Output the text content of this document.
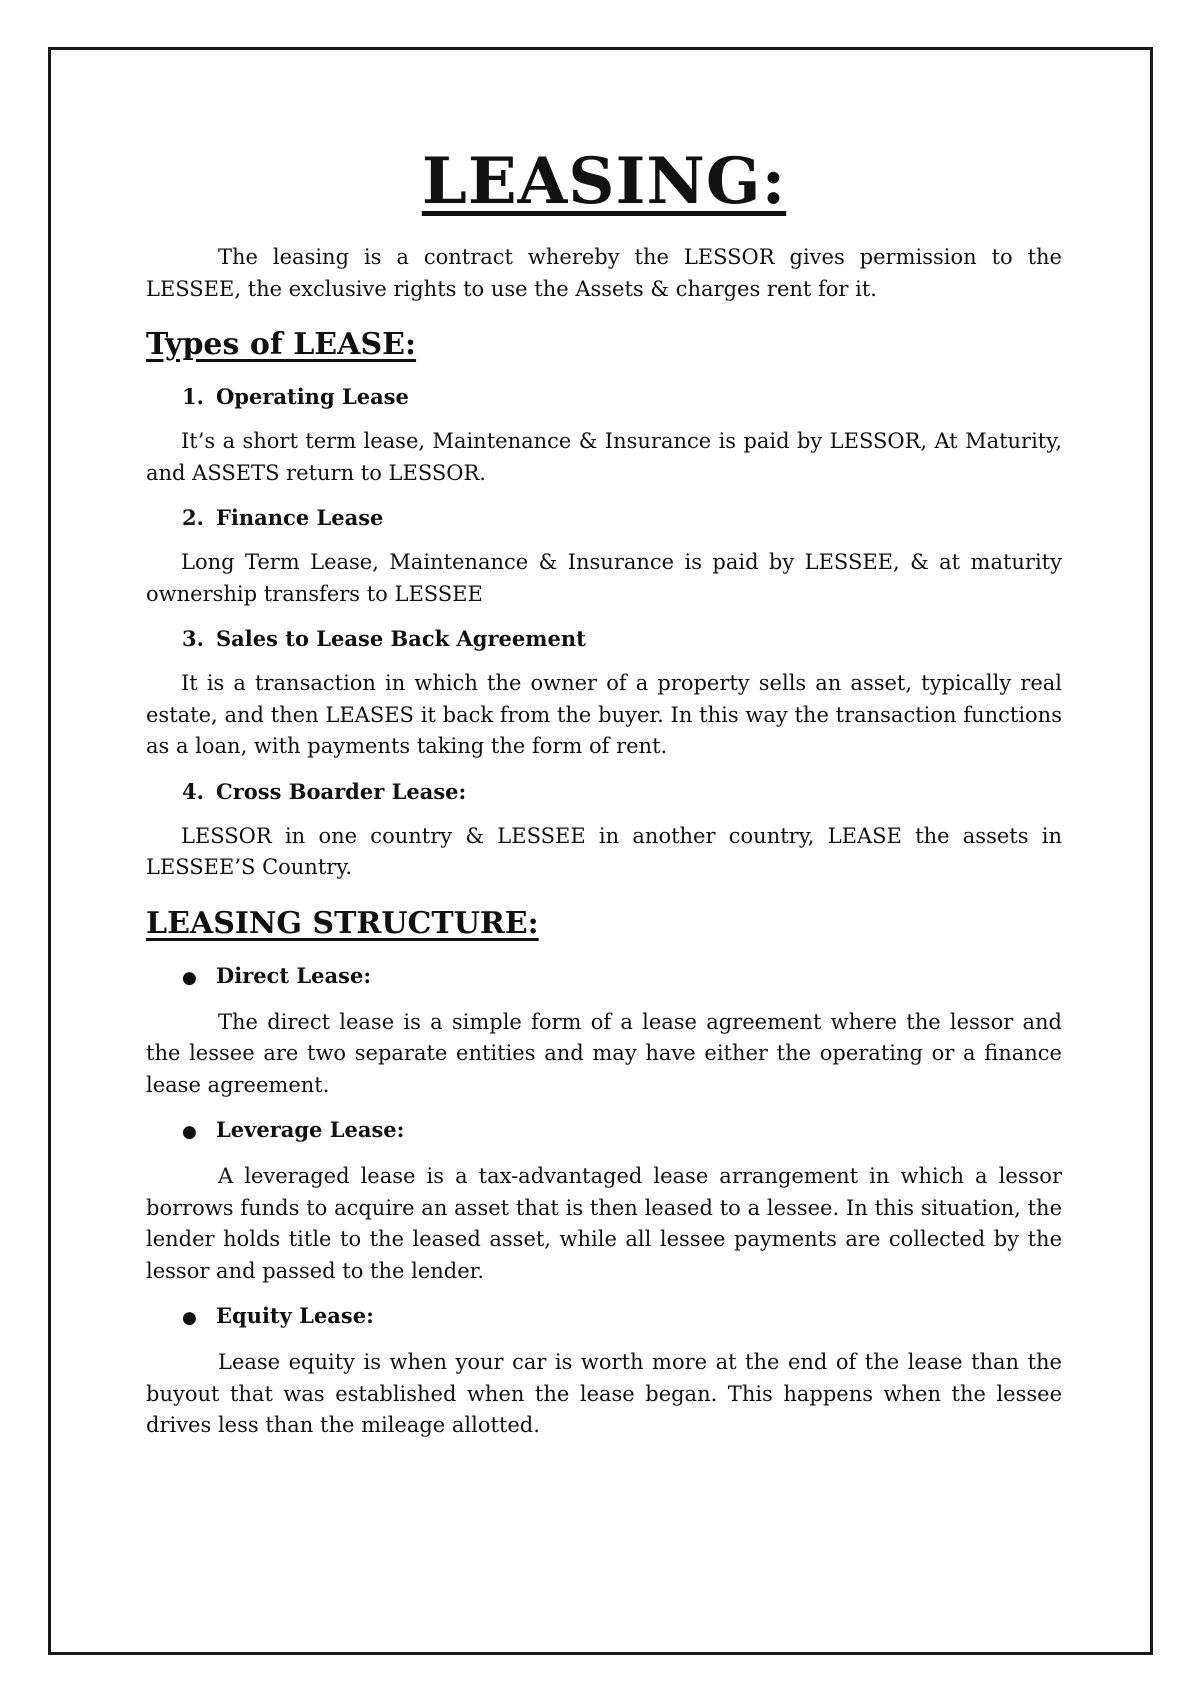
LEASING:

The leasing is a contract whereby the LESSOR gives permission to the LESSEE, the exclusive rights to use the Assets & charges rent for it.

Types of LEASE:
1. Operating Lease

It’s a short term lease, Maintenance & Insurance is paid by LESSOR, At Maturity, and ASSETS return to LESSOR.

2. Finance Lease

Long Term Lease, Maintenance & Insurance is paid by LESSEE, & at maturity ownership transfers to LESSEE

3. Sales to Lease Back Agreement

It is a transaction in which the owner of a property sells an asset, typically real estate, and then LEASES it back from the buyer. In this way the transaction functions as a loan, with payments taking the form of rent.

4. Cross Boarder Lease:

LESSOR in one country & LESSEE in another country, LEASE the assets in LESSEE’S Country.

LEASING STRUCTURE:
● Direct Lease:

The direct lease is a simple form of a lease agreement where the lessor and the lessee are two separate entities and may have either the operating or a finance lease agreement.

● Leverage Lease:

A leveraged lease is a tax-advantaged lease arrangement in which a lessor borrows funds to acquire an asset that is then leased to a lessee. In this situation, the lender holds title to the leased asset, while all lessee payments are collected by the lessor and passed to the lender.

● Equity Lease:

Lease equity is when your car is worth more at the end of the lease than the buyout that was established when the lease began. This happens when the lessee drives less than the mileage allotted.
